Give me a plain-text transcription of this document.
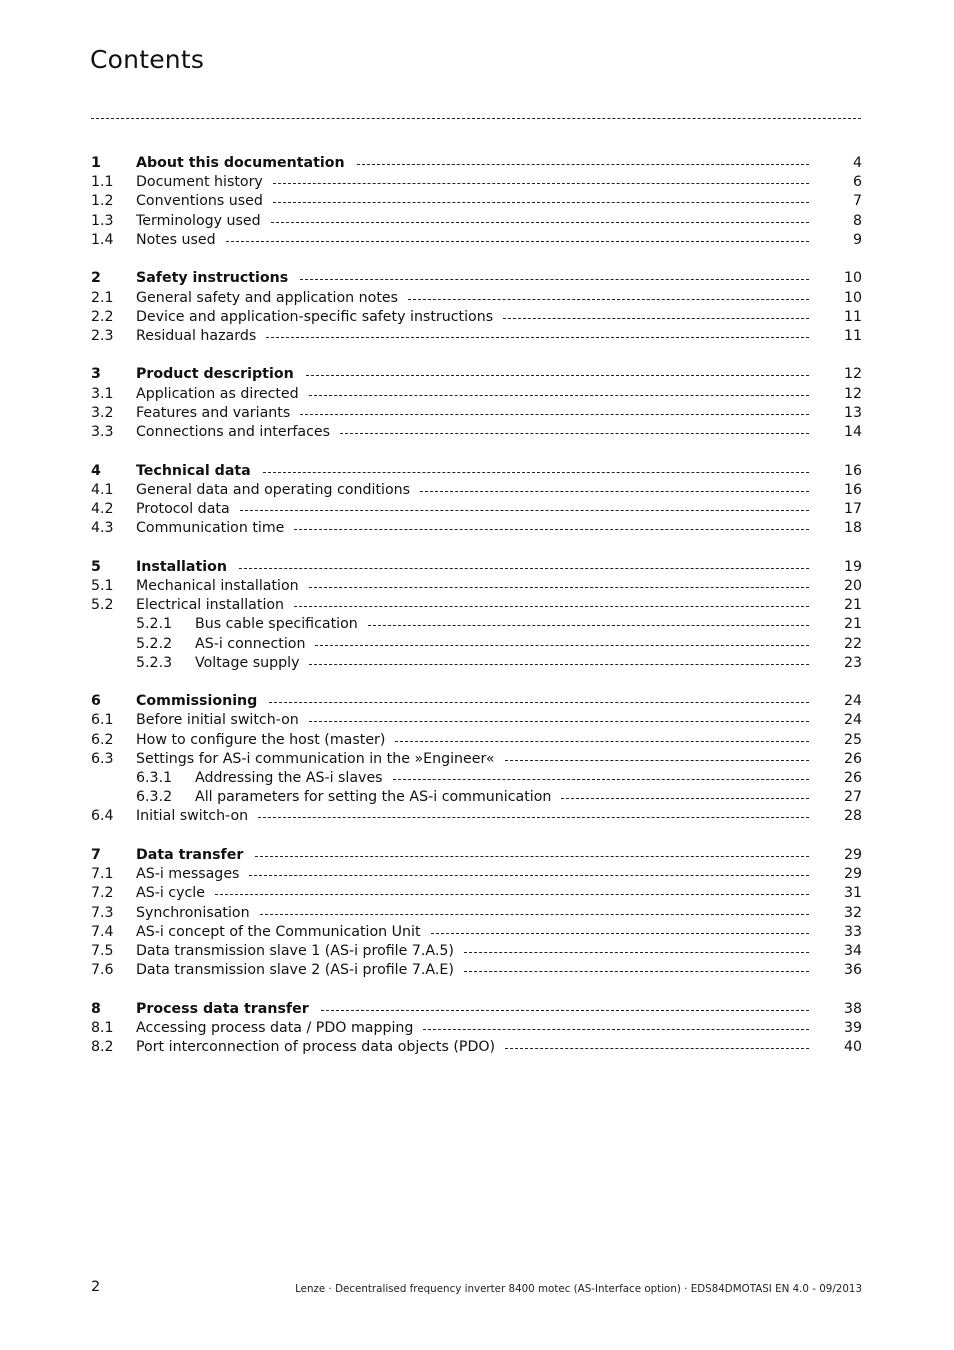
Contents
1 About this documentation	4
1.1 Document history	6
1.2 Conventions used	7
1.3 Terminology used	8
1.4 Notes used	9
2 Safety instructions	10
2.1 General safety and application notes	10
2.2 Device and application-specific safety instructions	11
2.3 Residual hazards	11
3 Product description	12
3.1 Application as directed	12
3.2 Features and variants	13
3.3 Connections and interfaces	14
4 Technical data	16
4.1 General data and operating conditions	16
4.2 Protocol data	17
4.3 Communication time	18
5 Installation	19
5.1 Mechanical installation	20
5.2 Electrical installation	21
5.2.1 Bus cable specification	21
5.2.2 AS-i connection	22
5.2.3 Voltage supply	23
6 Commissioning	24
6.1 Before initial switch-on	24
6.2 How to configure the host (master)	25
6.3 Settings for AS-i communication in the »Engineer«	26
6.3.1 Addressing the AS-i slaves	26
6.3.2 All parameters for setting the AS-i communication	27
6.4 Initial switch-on	28
7 Data transfer	29
7.1 AS-i messages	29
7.2 AS-i cycle	31
7.3 Synchronisation	32
7.4 AS-i concept of the Communication Unit	33
7.5 Data transmission slave 1 (AS-i profile 7.A.5)	34
7.6 Data transmission slave 2 (AS-i profile 7.A.E)	36
8 Process data transfer	38
8.1 Accessing process data / PDO mapping	39
8.2 Port interconnection of process data objects (PDO)	40
2	Lenze · Decentralised frequency inverter 8400 motec (AS-Interface option) · EDS84DMOTASI EN 4.0 - 09/2013
